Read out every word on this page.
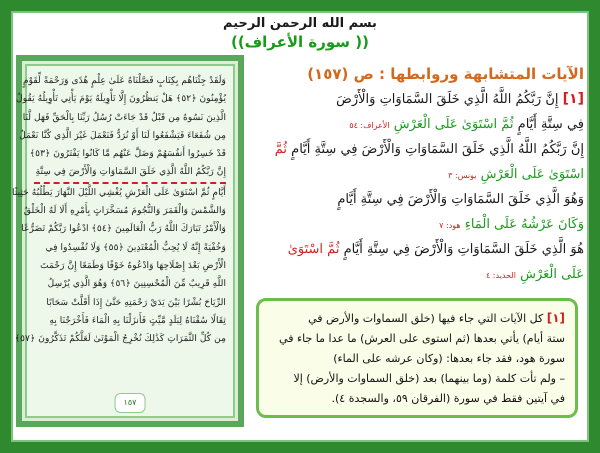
بسم الله الرحمن الرحيم
(( سورة الأعراف))
وَلَقَدْ جِئْنَاهُم بِكِتَابٍ فَصَّلْنَاهُ عَلَىٰ عِلْمٍ هُدًى وَرَحْمَةً لِّقَوْمٍ
يُؤْمِنُونَ ﴿٥٢﴾ هَلْ يَنظُرُونَ إِلَّا تَأْوِيلَهُ يَوْمَ يَأْتِي تَأْوِيلُهُ يَقُولُ
الَّذِينَ نَسُوهُ مِن قَبْلُ قَدْ جَاءَتْ رُسُلُ رَبِّنَا بِالْحَقِّ فَهَل لَّنَا
مِن شُفَعَاءَ فَيَشْفَعُوا لَنَا أَوْ نُرَدُّ فَنَعْمَلَ غَيْرَ الَّذِي كُنَّا نَعْمَلُ
قَدْ خَسِرُوا أَنفُسَهُمْ وَضَلَّ عَنْهُم مَّا كَانُوا يَفْتَرُونَ ﴿٥٣﴾
إِنَّ رَبَّكُمُ اللَّهُ الَّذِي خَلَقَ السَّمَاوَاتِ وَالْأَرْضَ فِي سِتَّةِ
أَيَّامٍ ثُمَّ اسْتَوَىٰ عَلَى الْعَرْشِ يُغْشِي اللَّيْلَ النَّهَارَ يَطْلُبُهُ حَثِيثًا
وَالشَّمْسَ وَالْقَمَرَ وَالنُّجُومَ مُسَخَّرَاتٍ بِأَمْرِهِ أَلَا لَهُ الْخَلْقُ
وَالْأَمْرُ تَبَارَكَ اللَّهُ رَبُّ الْعَالَمِينَ ﴿٥٤﴾ ادْعُوا رَبَّكُمْ تَضَرُّعًا
وَخُفْيَةً إِنَّهُ لَا يُحِبُّ الْمُعْتَدِينَ ﴿٥٥﴾ وَلَا تُفْسِدُوا فِي
الْأَرْضِ بَعْدَ إِصْلَاحِهَا وَادْعُوهُ خَوْفًا وَطَمَعًا إِنَّ رَحْمَتَ
اللَّهِ قَرِيبٌ مِّنَ الْمُحْسِنِينَ ﴿٥٦﴾ وَهُوَ الَّذِي يُرْسِلُ
الرِّيَاحَ بُشْرًا بَيْنَ يَدَيْ رَحْمَتِهِ حَتَّىٰ إِذَا أَقَلَّتْ سَحَابًا
ثِقَالًا سُقْنَاهُ لِبَلَدٍ مَّيِّتٍ فَأَنزَلْنَا بِهِ الْمَاءَ فَأَخْرَجْنَا بِهِ
مِن كُلِّ الثَّمَرَاتِ كَذَٰلِكَ نُخْرِجُ الْمَوْتَىٰ لَعَلَّكُمْ تَذَكَّرُونَ ﴿٥٧﴾
١٥٧
الآيات المتشابهة وروابطها : ص (١٥٧)
[١] إِنَّ رَبَّكُمُ اللَّهُ الَّذِي خَلَقَ السَّمَاوَاتِ وَالْأَرْضَ
فِي سِتَّةِ أَيَّامٍ ثُمَّ اسْتَوَىٰ عَلَى الْعَرْشِ الأعراف: ٥٤
إِنَّ رَبَّكُمُ اللَّهُ الَّذِي خَلَقَ السَّمَاوَاتِ وَالْأَرْضَ فِي سِتَّةِ أَيَّامٍ ثُمَّ
اسْتَوَىٰ عَلَى الْعَرْشِ يونس: ٣
وَهُوَ الَّذِي خَلَقَ السَّمَاوَاتِ وَالْأَرْضَ فِي سِتَّةِ أَيَّامٍ
وَكَانَ عَرْشُهُ عَلَى الْمَاءِ هود: ٧
هُوَ الَّذِي خَلَقَ السَّمَاوَاتِ وَالْأَرْضَ فِي سِتَّةِ أَيَّامٍ ثُمَّ اسْتَوَىٰ
عَلَى الْعَرْشِ الحديد: ٤
[١] كل الآيات التي جاء فيها (خلق السماوات والأرض في
ستة أيام) يأتي بعدها (ثم استوى على العرش) ما عدا ما جاء في
سورة هود، فقد جاء بعدها: (وكان عرشه على الماء)
– ولم تأت كلمة (وما بينهما) بعد (خلق السماوات والأرض) إلا
في آيتين فقط في سورة (الفرقان ٥٩، والسجدة ٤).
